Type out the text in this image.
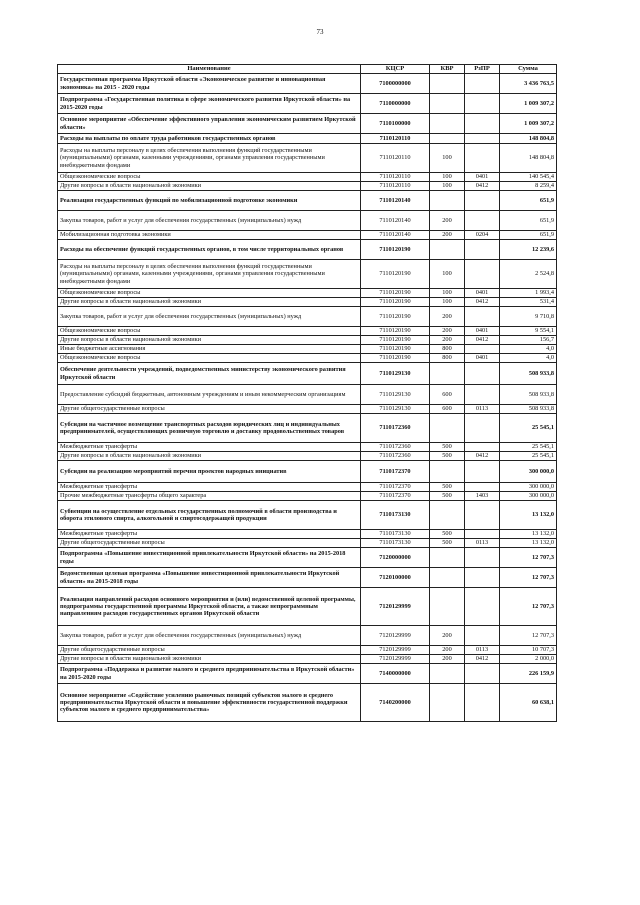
73
Наименование	КЦСР	КВР	РзПР	Сумма
Государственная программа Иркутской области «Экономическое развитие и инновационная экономика» на 2015 - 2020 годы	7100000000			3 436 763,5
Подпрограмма «Государственная политика в сфере экономического развития Иркутской области» на 2015-2020 годы	7110000000			1 009 307,2
Основное мероприятие «Обеспечение эффективного управления экономическим развитием Иркутской области»	7110100000			1 009 307,2
Расходы на выплаты по оплате труда работников государственных органов	7110120110			148 804,8
Расходы на выплаты персоналу в целях обеспечения выполнения функций государственными (муниципальными) органами, казенными учреждениями, органами управления государственными внебюджетными фондами	7110120110	100		148 804,8
Общеэкономические вопросы	7110120110	100	0401	140 545,4
Другие вопросы в области национальной экономики	7110120110	100	0412	8 259,4
Реализация государственных функций по мобилизационной подготовке экономики	7110120140			651,9
Закупка товаров, работ и услуг для обеспечения государственных (муниципальных) нужд	7110120140	200		651,9
Мобилизационная подготовка экономики	7110120140	200	0204	651,9
Расходы на обеспечение функций государственных органов, в том числе территориальных органов	7110120190			12 239,6
Расходы на выплаты персоналу в целях обеспечения выполнения функций государственными (муниципальными) органами, казенными учреждениями, органами управления государственными внебюджетными фондами	7110120190	100		2 524,8
Общеэкономические вопросы	7110120190	100	0401	1 993,4
Другие вопросы в области национальной экономики	7110120190	100	0412	531,4
Закупка товаров, работ и услуг для обеспечения государственных (муниципальных) нужд	7110120190	200		9 710,8
Общеэкономические вопросы	7110120190	200	0401	9 554,1
Другие вопросы в области национальной экономики	7110120190	200	0412	156,7
Иные бюджетные ассигнования	7110120190	800		4,0
Общеэкономические вопросы	7110120190	800	0401	4,0
Обеспечение деятельности учреждений, подведомственных министерству экономического развития Иркутской области	7110129130			508 933,8
Предоставление субсидий бюджетным, автономным учреждениям и иным некоммерческим организациям	7110129130	600		508 933,8
Другие общегосударственные вопросы	7110129130	600	0113	508 933,8
Субсидии на частичное возмещение транспортных расходов юридических лиц и индивидуальных предпринимателей, осуществляющих розничную торговлю и доставку продовольственных товаров	7110172360			25 545,1
Межбюджетные трансферты	7110172360	500		25 545,1
Другие вопросы в области национальной экономики	7110172360	500	0412	25 545,1
Субсидии на реализацию мероприятий перечня проектов народных инициатив	7110172370			300 000,0
Межбюджетные трансферты	7110172370	500		300 000,0
Прочие межбюджетные трансферты общего характера	7110172370	500	1403	300 000,0
Субвенции на осуществление отдельных государственных полномочий в области производства и оборота этилового спирта, алкогольной и спиртосодержащей продукции	7110173130			13 132,0
Межбюджетные трансферты	7110173130	500		13 132,0
Другие общегосударственные вопросы	7110173130	500	0113	13 132,0
Подпрограмма «Повышение инвестиционной привлекательности Иркутской области» на 2015-2018 годы	7120000000			12 707,3
Ведомственная целевая программа «Повышение инвестиционной привлекательности Иркутской области» на 2015-2018 годы	7120100000			12 707,3
Реализация направлений расходов основного мероприятия и (или) ведомственной целевой программы, подпрограммы государственной программы Иркутской области, а также непрограммным направлениям расходов государственных органов Иркутской области	7120129999			12 707,3
Закупка товаров, работ и услуг для обеспечения государственных (муниципальных) нужд	7120129999	200		12 707,3
Другие общегосударственные вопросы	7120129999	200	0113	10 707,3
Другие вопросы в области национальной экономики	7120129999	200	0412	2 000,0
Подпрограмма «Поддержка и развитие малого и среднего предпринимательства в Иркутской области» на 2015-2020 годы	7140000000			226 159,9
Основное мероприятие «Содействие усилению рыночных позиций субъектов малого и среднего предпринимательства Иркутской области и повышение эффективности государственной поддержки субъектов малого и среднего предпринимательства»	7140200000			60 638,1
